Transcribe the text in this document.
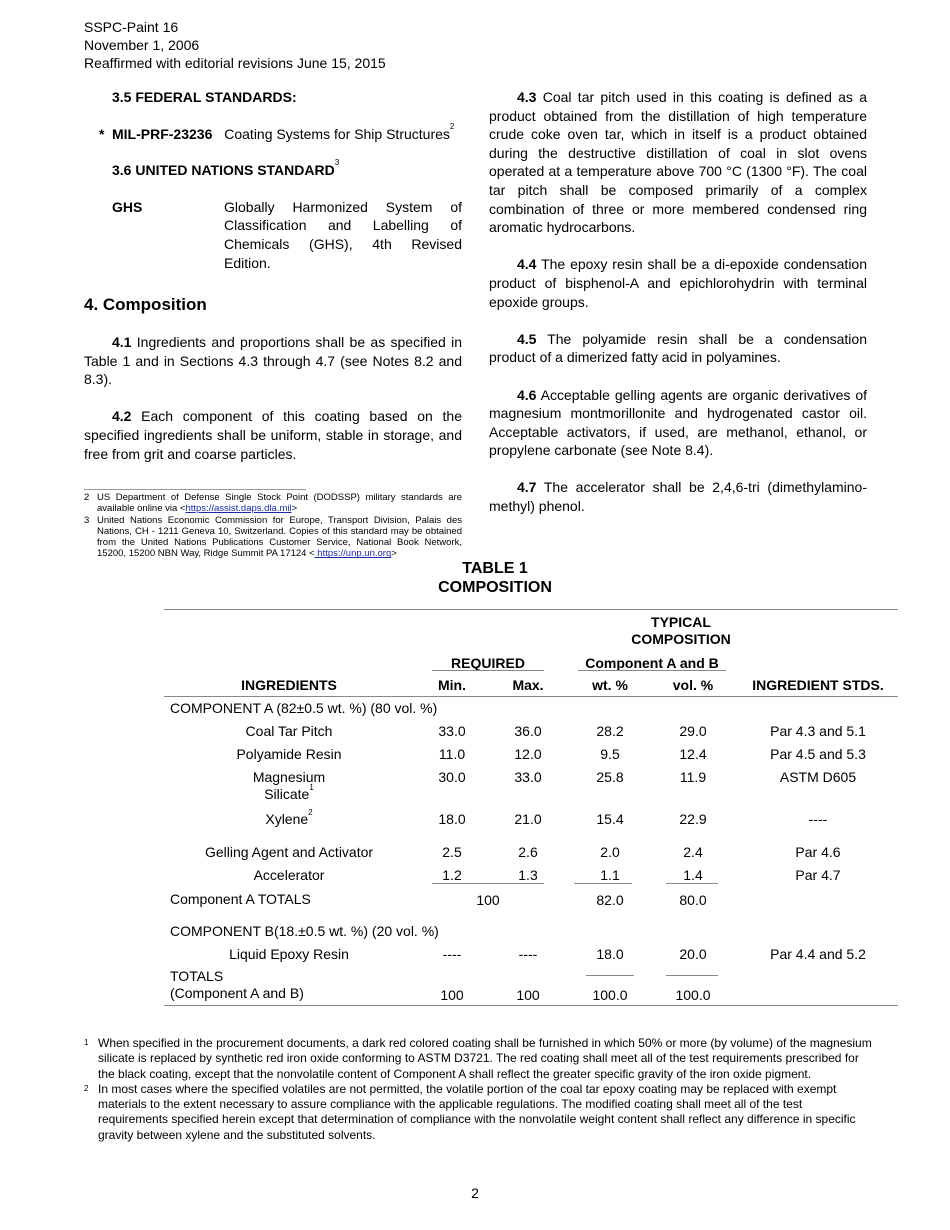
SSPC-Paint 16
November 1, 2006
Reaffirmed with editorial revisions June 15, 2015
3.5 FEDERAL STANDARDS:
* MIL-PRF-23236 Coating Systems for Ship Structures$^2$
3.6 UNITED NATIONS STANDARD$^3$
GHS	Globally Harmonized System of Classification and Labelling of Chemicals (GHS), 4th Revised Edition.
4. Composition

4.1 Ingredients and proportions shall be as specified in Table 1 and in Sections 4.3 through 4.7 (see Notes 8.2 and 8.3).

4.2 Each component of this coating based on the specified ingredients shall be uniform, stable in storage, and free from grit and coarse particles.

2 US Department of Defense Single Stock Point (DODSSP) military standards are available online via <https://assist.daps.dla.mil>
3 United Nations Economic Commission for Europe, Transport Division, Palais des Nations, CH - 1211 Geneva 10, Switzerland. Copies of this standard may be obtained from the United Nations Publications Customer Service, National Book Network, 15200, 15200 NBN Way, Ridge Summit PA 17124 < https://unp.un.org>

4.3 Coal tar pitch used in this coating is defined as a product obtained from the distillation of high temperature crude coke oven tar, which in itself is a product obtained during the destructive distillation of coal in slot ovens operated at a temperature above 700 °C (1300 °F). The coal tar pitch shall be composed primarily of a complex combination of three or more membered condensed ring aromatic hydrocarbons.

4.4 The epoxy resin shall be a di-epoxide condensation product of bisphenol-A and epichlorohydrin with terminal epoxide groups.

4.5 The polyamide resin shall be a condensation product of a dimerized fatty acid in polyamines.

4.6 Acceptable gelling agents are organic derivatives of magnesium montmorillonite and hydrogenated castor oil. Acceptable activators, if used, are methanol, ethanol, or propylene carbonate (see Note 8.4).

4.7 The accelerator shall be 2,4,6-tri (dimethylamino-methyl) phenol.

TABLE 1
COMPOSITION
TYPICAL
COMPOSITION
REQUIRED	Component A and B
INGREDIENTS	Min.	Max.	wt. %	vol. %	INGREDIENT STDS.
COMPONENT A (82±0.5 wt. %) (80 vol. %)
Coal Tar Pitch	33.0	36.0	28.2	29.0	Par 4.3 and 5.1
Polyamide Resin	11.0	12.0	9.5	12.4	Par 4.5 and 5.3
Magnesium
Silicate$^1$
30.0	33.0	25.8	11.9	ASTM D605
Xylene$^2$	18.0	21.0	15.4	22.9	----
Gelling Agent and Activator	2.5	2.6	2.0	2.4	Par 4.6
Accelerator	1.2	1.3	1.1	1.4	Par 4.7
Component A TOTALS	100	82.0	80.0
COMPONENT B(18.±0.5 wt. %) (20 vol. %)
Liquid Epoxy Resin	----	----	18.0	20.0	Par 4.4 and 5.2
TOTALS
(Component A and B)	100	100	100.0	100.0
1 When specified in the procurement documents, a dark red colored coating shall be furnished in which 50% or more (by volume) of the magnesium silicate is replaced by synthetic red iron oxide conforming to ASTM D3721. The red coating shall meet all of the test requirements prescribed for the black coating, except that the nonvolatile content of Component A shall reflect the greater specific gravity of the iron oxide pigment.
2 In most cases where the specified volatiles are not permitted, the volatile portion of the coal tar epoxy coating may be replaced with exempt materials to the extent necessary to assure compliance with the applicable regulations. The modified coating shall meet all of the test requirements specified herein except that determination of compliance with the nonvolatile weight content shall reflect any difference in specific gravity between xylene and the substituted solvents.
2
